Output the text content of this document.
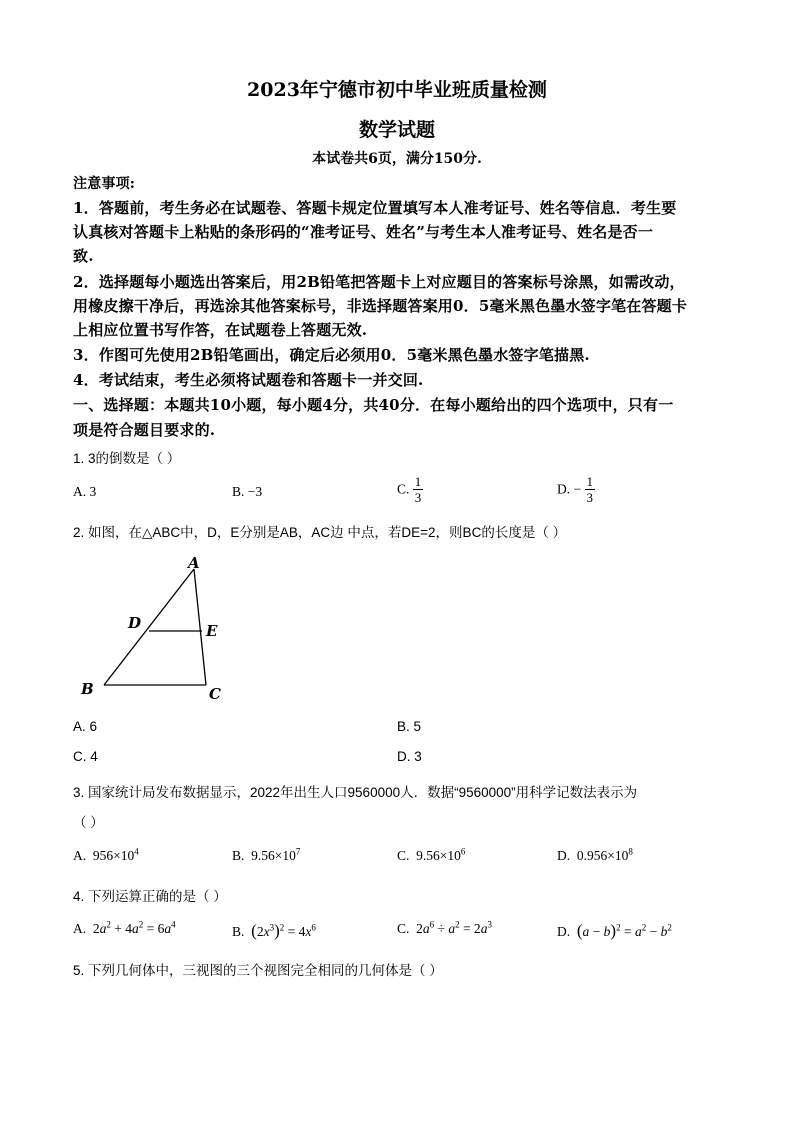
2023年宁德市初中毕业班质量检测
数学试题
本试卷共6页，满分150分.
注意事项:
1．答题前，考生务必在试题卷、答题卡规定位置填写本人准考证号、姓名等信息．考生要
认真核对答题卡上粘贴的条形码的“准考证号、姓名”与考生本人准考证号、姓名是否一
致.
2．选择题每小题选出答案后，用2B铅笔把答题卡上对应题目的答案标号涂黑，如需改动，
用橡皮擦干净后，再选涂其他答案标号，非选择题答案用0．5毫米黑色墨水签字笔在答题卡
上相应位置书写作答，在试题卷上答题无效.
3．作图可先使用2B铅笔画出，确定后必须用0．5毫米黑色墨水签字笔描黑.
4．考试结束，考生必须将试题卷和答题卡一并交回.
一、选择题：本题共10小题，每小题4分，共40分．在每小题给出的四个选项中，只有一
项是符合题目要求的.
1. 3的倒数是（ ）
A. 3	B. −3	C. $\frac{1}{3}$	D. − $\frac{1}{3}$
2. 如图，在△ABC中，D，E分别是AB，AC边 中点，若DE=2，则BC的长度是（ ）
A
D	E
B	C
A. 6	B. 5
C. 4	D. 3
3. 国家统计局发布数据显示，2022年出生人口9560000人．数据“9560000”用科学记数法表示为
（ ）
A. $956\times 10^4$	B. $9.56\times 10^7$	C. $9.56\times 10^6$	D. $0.956\times 10^8$
4. 下列运算正确的是（ ）
A.  $2a^2 + 4a^2 = 6a^4$	B. $(2x^3)^2 = 4x^6$	C.  $2a^6 \div a^2 = 2a^3$	D. $(a - b)^2 = a^2 - b^2$
5. 下列几何体中，三视图的三个视图完全相同的几何体是（ ）
